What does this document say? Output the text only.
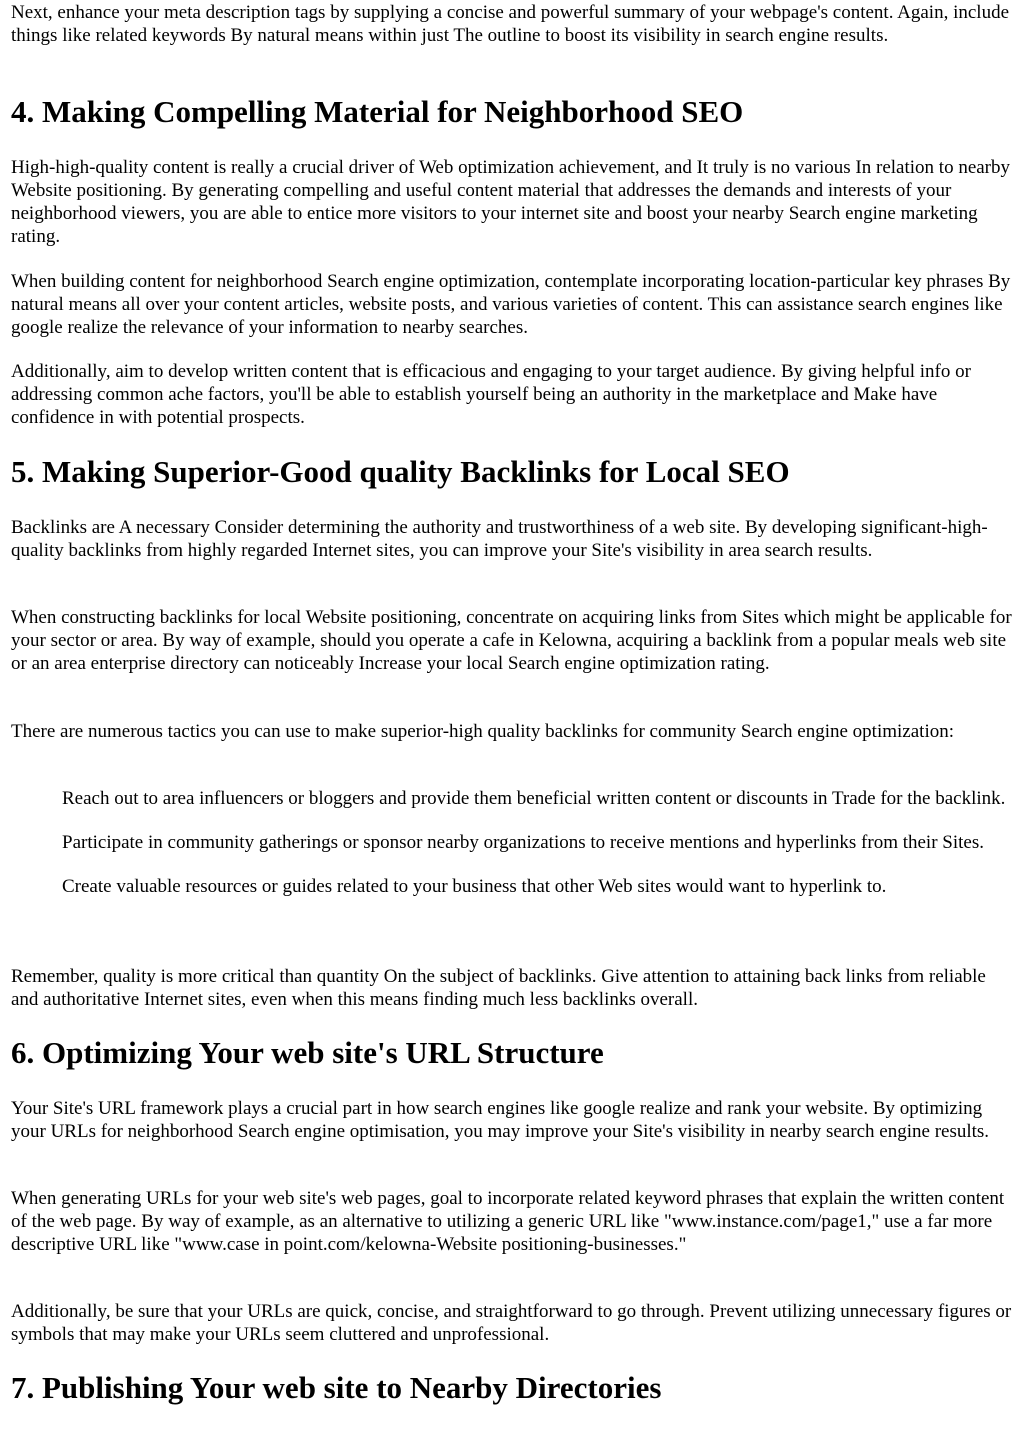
Next, enhance your meta description tags by supplying a concise and powerful summary of your webpage's content. Again, include things like related keywords By natural means within just The outline to boost its visibility in search engine results.

4. Making Compelling Material for Neighborhood SEO

High-high-quality content is really a crucial driver of Web optimization achievement, and It truly is no various In relation to nearby Website positioning. By generating compelling and useful content material that addresses the demands and interests of your neighborhood viewers, you are able to entice more visitors to your internet site and boost your nearby Search engine marketing rating.

When building content for neighborhood Search engine optimization, contemplate incorporating location-particular key phrases By natural means all over your content articles, website posts, and various varieties of content. This can assistance search engines like google realize the relevance of your information to nearby searches.

Additionally, aim to develop written content that is efficacious and engaging to your target audience. By giving helpful info or addressing common ache factors, you'll be able to establish yourself being an authority in the marketplace and Make have confidence in with potential prospects.

5. Making Superior-Good quality Backlinks for Local SEO

Backlinks are A necessary Consider determining the authority and trustworthiness of a web site. By developing significant-high-quality backlinks from highly regarded Internet sites, you can improve your Site's visibility in area search results.

When constructing backlinks for local Website positioning, concentrate on acquiring links from Sites which might be applicable for your sector or area. By way of example, should you operate a cafe in Kelowna, acquiring a backlink from a popular meals web site or an area enterprise directory can noticeably Increase your local Search engine optimization rating.

There are numerous tactics you can use to make superior-high quality backlinks for community Search engine optimization:

Reach out to area influencers or bloggers and provide them beneficial written content or discounts in Trade for the backlink.
Participate in community gatherings or sponsor nearby organizations to receive mentions and hyperlinks from their Sites.
Create valuable resources or guides related to your business that other Web sites would want to hyperlink to.

Remember, quality is more critical than quantity On the subject of backlinks. Give attention to attaining back links from reliable and authoritative Internet sites, even when this means finding much less backlinks overall.

6. Optimizing Your web site's URL Structure

Your Site's URL framework plays a crucial part in how search engines like google realize and rank your website. By optimizing your URLs for neighborhood Search engine optimisation, you may improve your Site's visibility in nearby search engine results.

When generating URLs for your web site's web pages, goal to incorporate related keyword phrases that explain the written content of the web page. By way of example, as an alternative to utilizing a generic URL like "www.instance.com/page1," use a far more descriptive URL like "www.case in point.com/kelowna-Website positioning-businesses."

Additionally, be sure that your URLs are quick, concise, and straightforward to go through. Prevent utilizing unnecessary figures or symbols that may make your URLs seem cluttered and unprofessional.

7. Publishing Your web site to Nearby Directories
